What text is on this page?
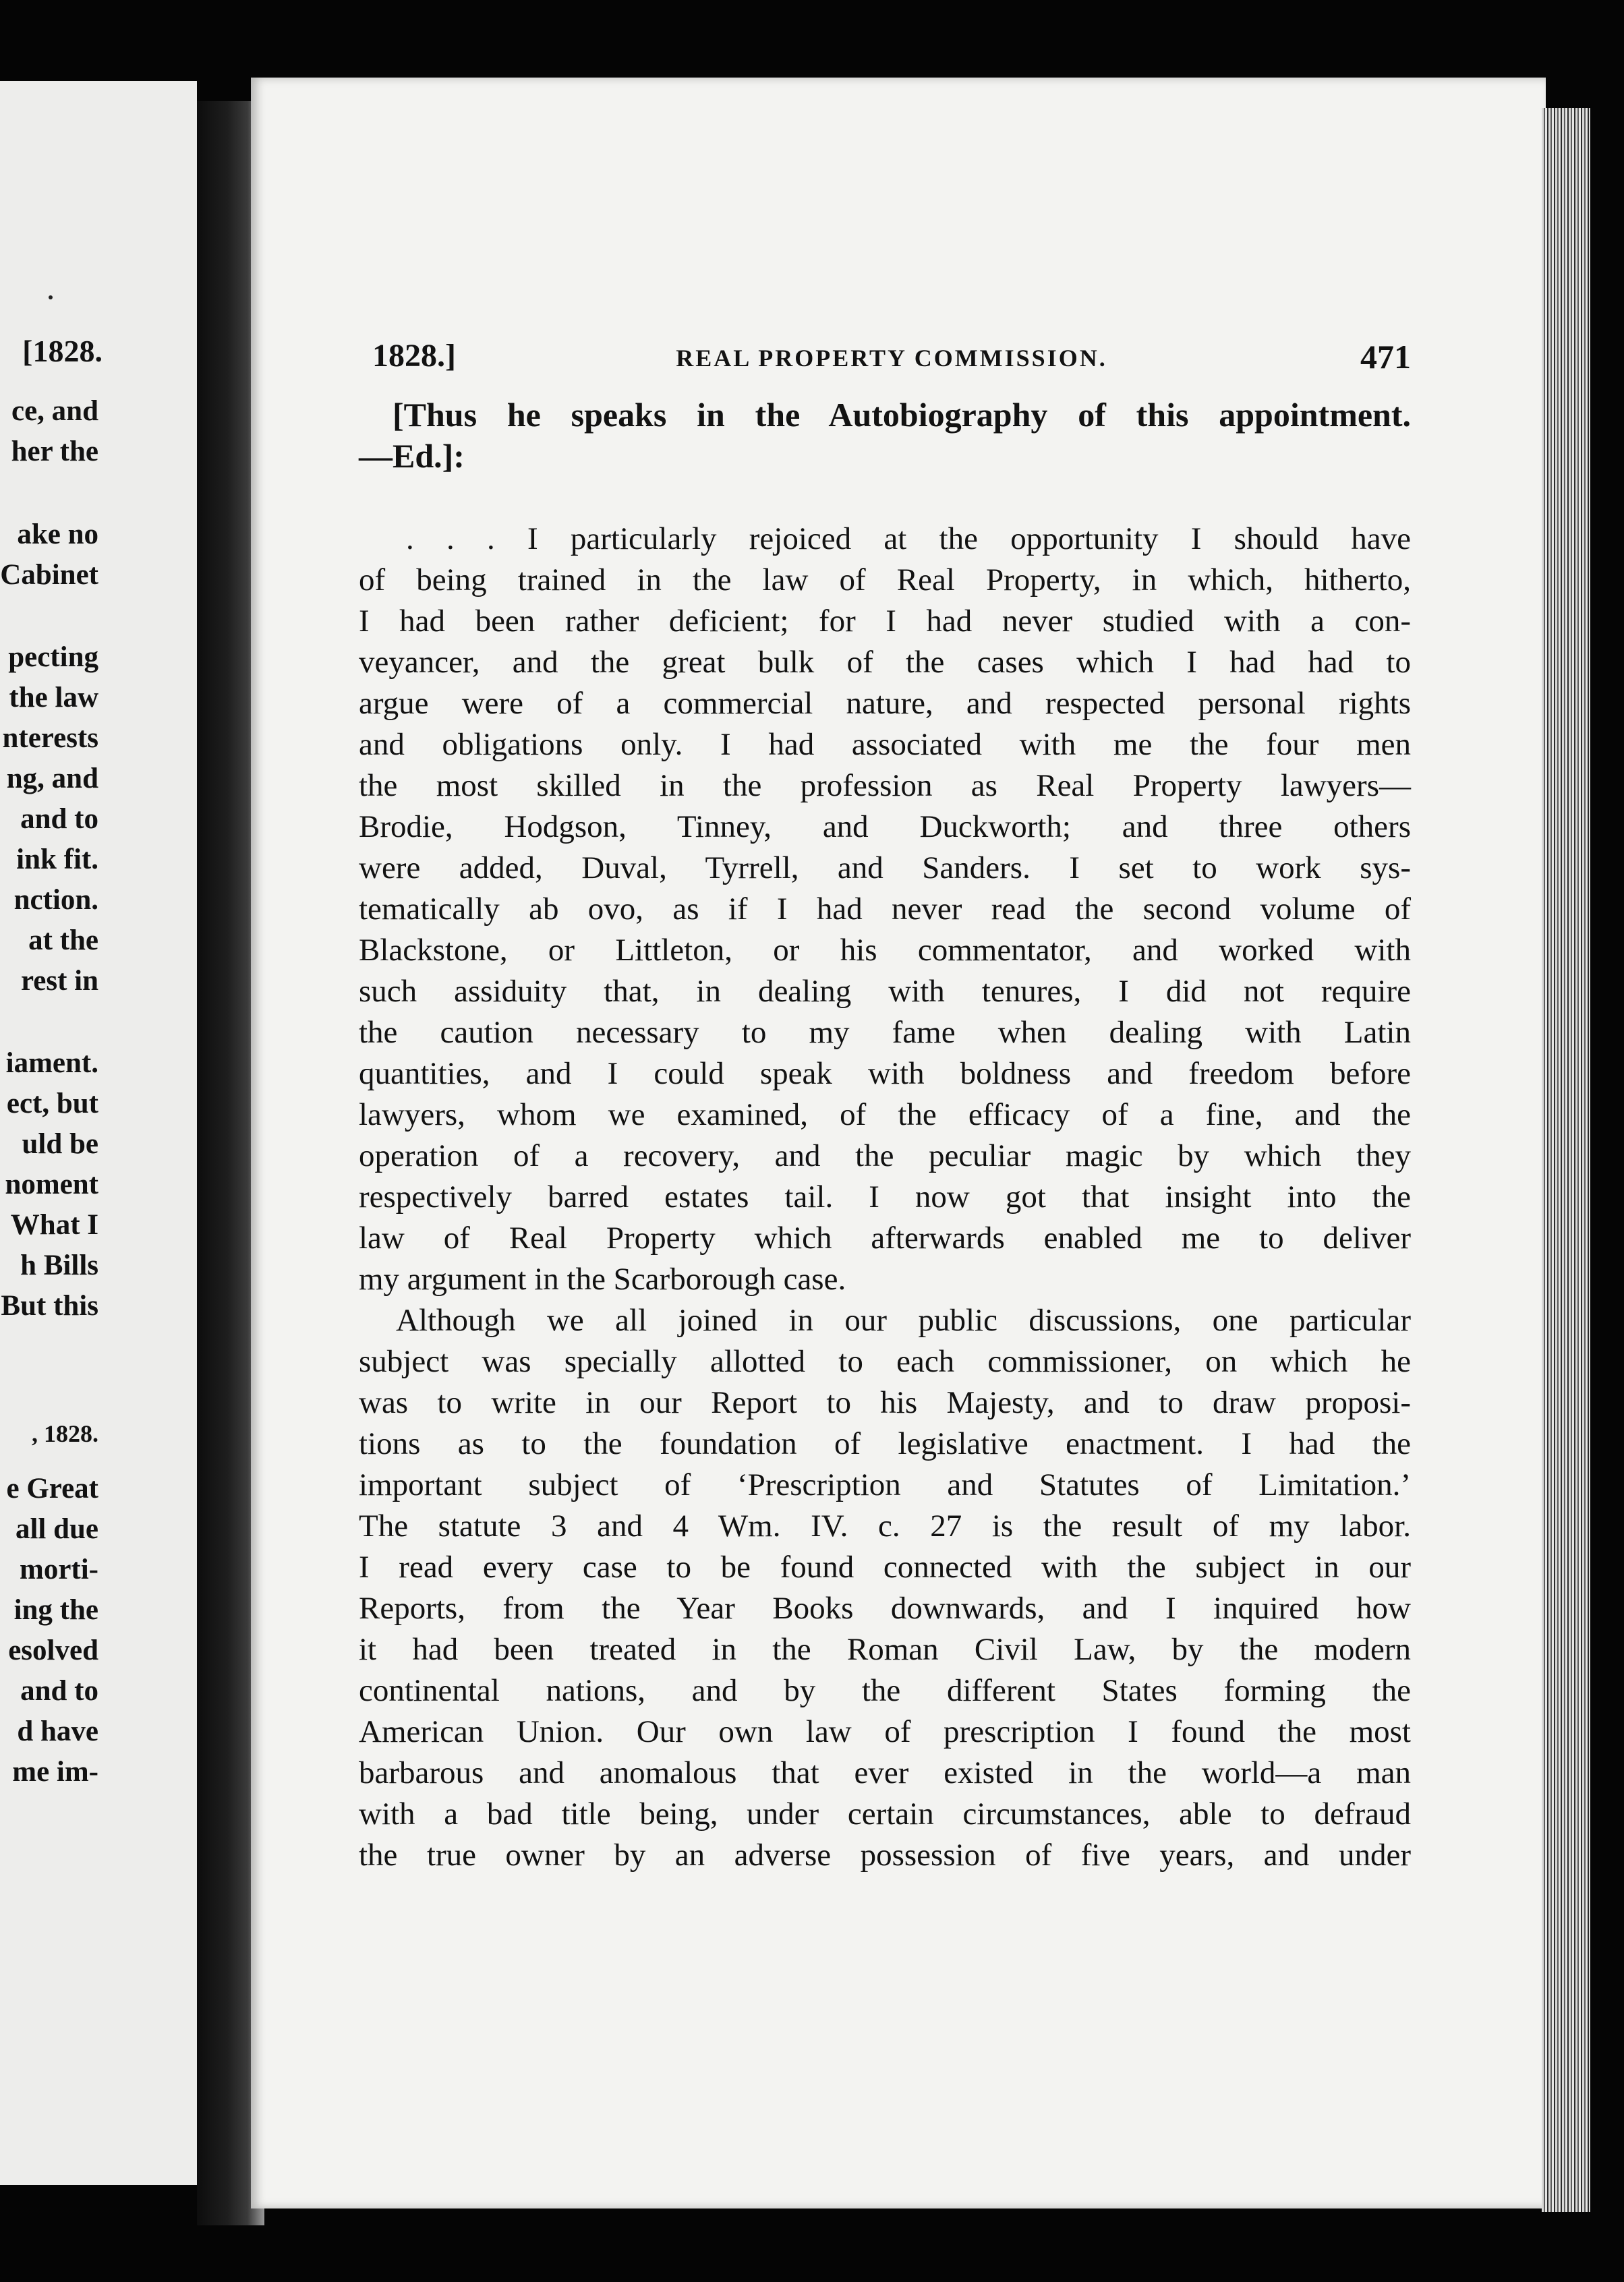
[1828.
ce, and
her the
ake no
Cabinet
pecting
the law
nterests
ng, and
and to
ink fit.
nction.
at the
rest in
iament.
ect, but
uld be
noment
What I
h Bills
But this
, 1828.
e Great
all due
morti-
ing the
esolved
and to
d have
me im-
1828.]	REAL PROPERTY COMMISSION.	471
[Thus he speaks in the Autobiography of this appointment.
—Ed.]:
. . . I particularly rejoiced at the opportunity I should have
of being trained in the law of Real Property, in which, hitherto,
I had been rather deficient; for I had never studied with a con-
veyancer, and the great bulk of the cases which I had had to
argue were of a commercial nature, and respected personal rights
and obligations only. I had associated with me the four men
the most skilled in the profession as Real Property lawyers—
Brodie, Hodgson, Tinney, and Duckworth; and three others
were added, Duval, Tyrrell, and Sanders. I set to work sys-
tematically ab ovo, as if I had never read the second volume of
Blackstone, or Littleton, or his commentator, and worked with
such assiduity that, in dealing with tenures, I did not require
the caution necessary to my fame when dealing with Latin
quantities, and I could speak with boldness and freedom before
lawyers, whom we examined, of the efficacy of a fine, and the
operation of a recovery, and the peculiar magic by which they
respectively barred estates tail. I now got that insight into the
law of Real Property which afterwards enabled me to deliver
my argument in the Scarborough case.
Although we all joined in our public discussions, one particular
subject was specially allotted to each commissioner, on which he
was to write in our Report to his Majesty, and to draw proposi-
tions as to the foundation of legislative enactment. I had the
important subject of ‘Prescription and Statutes of Limitation.’
The statute 3 and 4 Wm. IV. c. 27 is the result of my labor.
I read every case to be found connected with the subject in our
Reports, from the Year Books downwards, and I inquired how
it had been treated in the Roman Civil Law, by the modern
continental nations, and by the different States forming the
American Union. Our own law of prescription I found the most
barbarous and anomalous that ever existed in the world—a man
with a bad title being, under certain circumstances, able to defraud
the true owner by an adverse possession of five years, and under
